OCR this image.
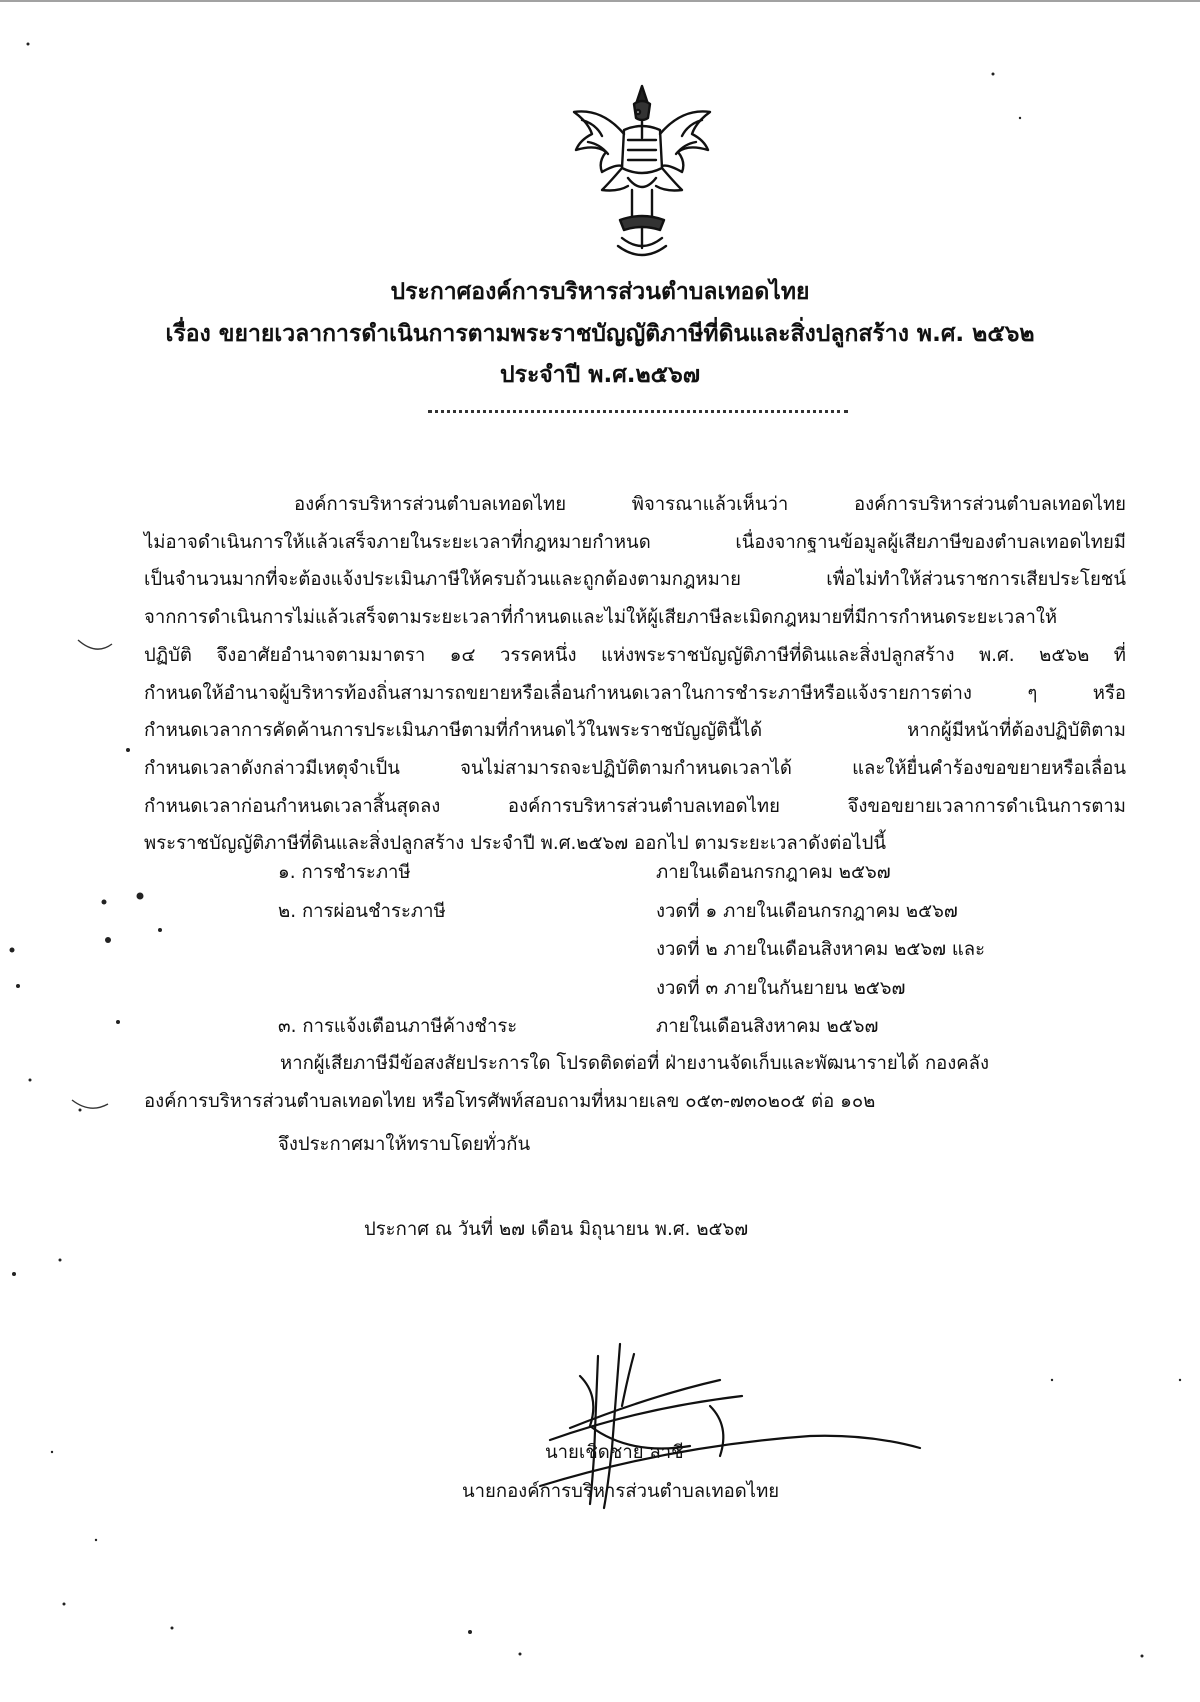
ประกาศองค์การบริหารส่วนตำบลเทอดไทย
เรื่อง ขยายเวลาการดำเนินการตามพระราชบัญญัติภาษีที่ดินและสิ่งปลูกสร้าง พ.ศ. ๒๕๖๒
ประจำปี พ.ศ.๒๕๖๗
องค์การบริหารส่วนตำบลเทอดไทย พิจารณาแล้วเห็นว่า องค์การบริหารส่วนตำบลเทอดไทย
ไม่อาจดำเนินการให้แล้วเสร็จภายในระยะเวลาที่กฎหมายกำหนด เนื่องจากฐานข้อมูลผู้เสียภาษีของตำบลเทอดไทยมี
เป็นจำนวนมากที่จะต้องแจ้งประเมินภาษีให้ครบถ้วนและถูกต้องตามกฎหมาย เพื่อไม่ทำให้ส่วนราชการเสียประโยชน์
จากการดำเนินการไม่แล้วเสร็จตามระยะเวลาที่กำหนดและไม่ให้ผู้เสียภาษีละเมิดกฎหมายที่มีการกำหนดระยะเวลาให้
ปฏิบัติ จึงอาศัยอำนาจตามมาตรา ๑๔ วรรคหนึ่ง แห่งพระราชบัญญัติภาษีที่ดินและสิ่งปลูกสร้าง พ.ศ. ๒๕๖๒ ที่
กำหนดให้อำนาจผู้บริหารท้องถิ่นสามารถขยายหรือเลื่อนกำหนดเวลาในการชำระภาษีหรือแจ้งรายการต่าง ๆ หรือ
กำหนดเวลาการคัดค้านการประเมินภาษีตามที่กำหนดไว้ในพระราชบัญญัตินี้ได้ หากผู้มีหน้าที่ต้องปฏิบัติตาม
กำหนดเวลาดังกล่าวมีเหตุจำเป็น จนไม่สามารถจะปฏิบัติตามกำหนดเวลาได้ และให้ยื่นคำร้องขอขยายหรือเลื่อน
กำหนดเวลาก่อนกำหนดเวลาสิ้นสุดลง องค์การบริหารส่วนตำบลเทอดไทย จึงขอขยายเวลาการดำเนินการตาม
พระราชบัญญัติภาษีที่ดินและสิ่งปลูกสร้าง ประจำปี พ.ศ.๒๕๖๗ ออกไป ตามระยะเวลาดังต่อไปนี้
๑. การชำระภาษี	ภายในเดือนกรกฎาคม ๒๕๖๗
๒. การผ่อนชำระภาษี	งวดที่ ๑ ภายในเดือนกรกฎาคม ๒๕๖๗
งวดที่ ๒ ภายในเดือนสิงหาคม ๒๕๖๗ และ
งวดที่ ๓ ภายในกันยายน ๒๕๖๗
๓. การแจ้งเตือนภาษีค้างชำระ	ภายในเดือนสิงหาคม ๒๕๖๗
หากผู้เสียภาษีมีข้อสงสัยประการใด โปรดติดต่อที่ ฝ่ายงานจัดเก็บและพัฒนารายได้ กองคลัง
องค์การบริหารส่วนตำบลเทอดไทย หรือโทรศัพท์สอบถามที่หมายเลข ๐๕๓-๗๓๐๒๐๕ ต่อ ๑๐๒
จึงประกาศมาให้ทราบโดยทั่วกัน
ประกาศ ณ วันที่ ๒๗ เดือน มิถุนายน พ.ศ. ๒๕๖๗
นายเชิดชาย ลาชี
นายกองค์การบริหารส่วนตำบลเทอดไทย
